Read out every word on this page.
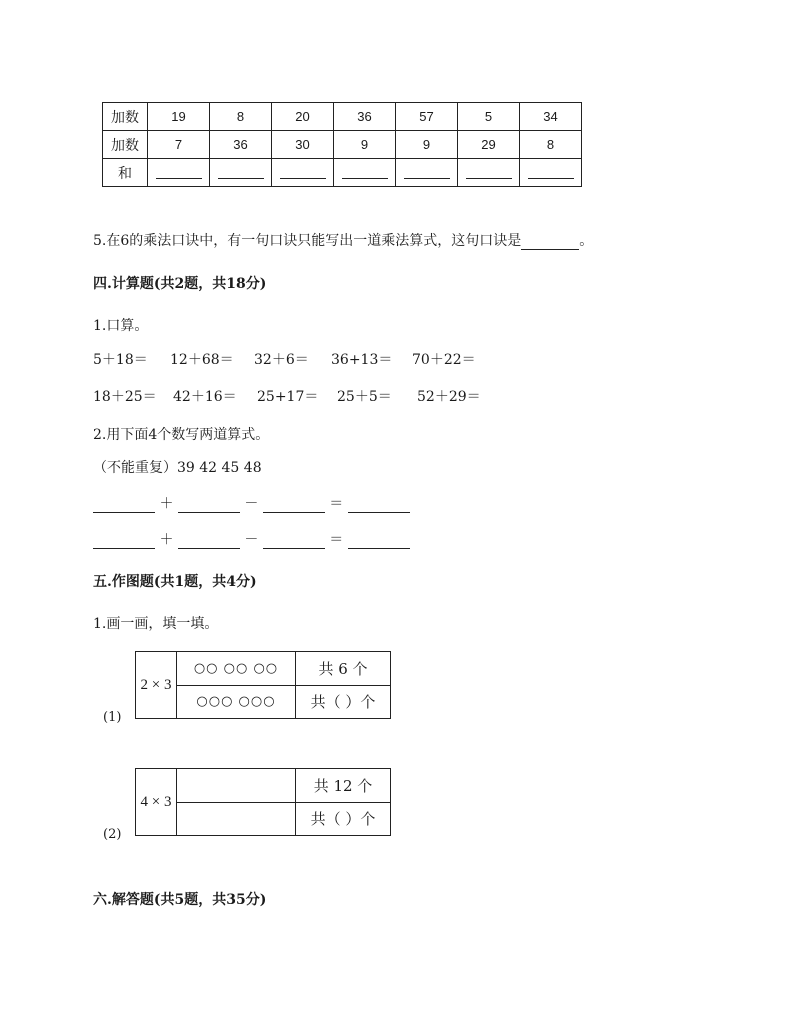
加数	19	8	20	36	57	5	34
加数	7	36	30	9	9	29	8
和							
5.在6的乘法口诀中，有一句口诀只能写出一道乘法算式，这句口诀是	。
四.计算题(共2题，共18分)
1.口算。
5＋18＝ 12＋68＝ 32＋6＝ 36+13＝ 70＋22＝
18＋25＝ 42＋16＝ 25+17＝ 25＋5＝ 52＋29＝
2.用下面4个数写两道算式。
（不能重复）39 42 45 48
＋	－	＝
＋	－	＝
五.作图题(共1题，共4分)
1.画一画，填一填。
2 × 3	○○ ○○ ○○	共 6 个
	○○○ ○○○	共（ ）个
(1)
4 × 3		共 12 个
		共（ ）个
(2)
六.解答题(共5题，共35分)
